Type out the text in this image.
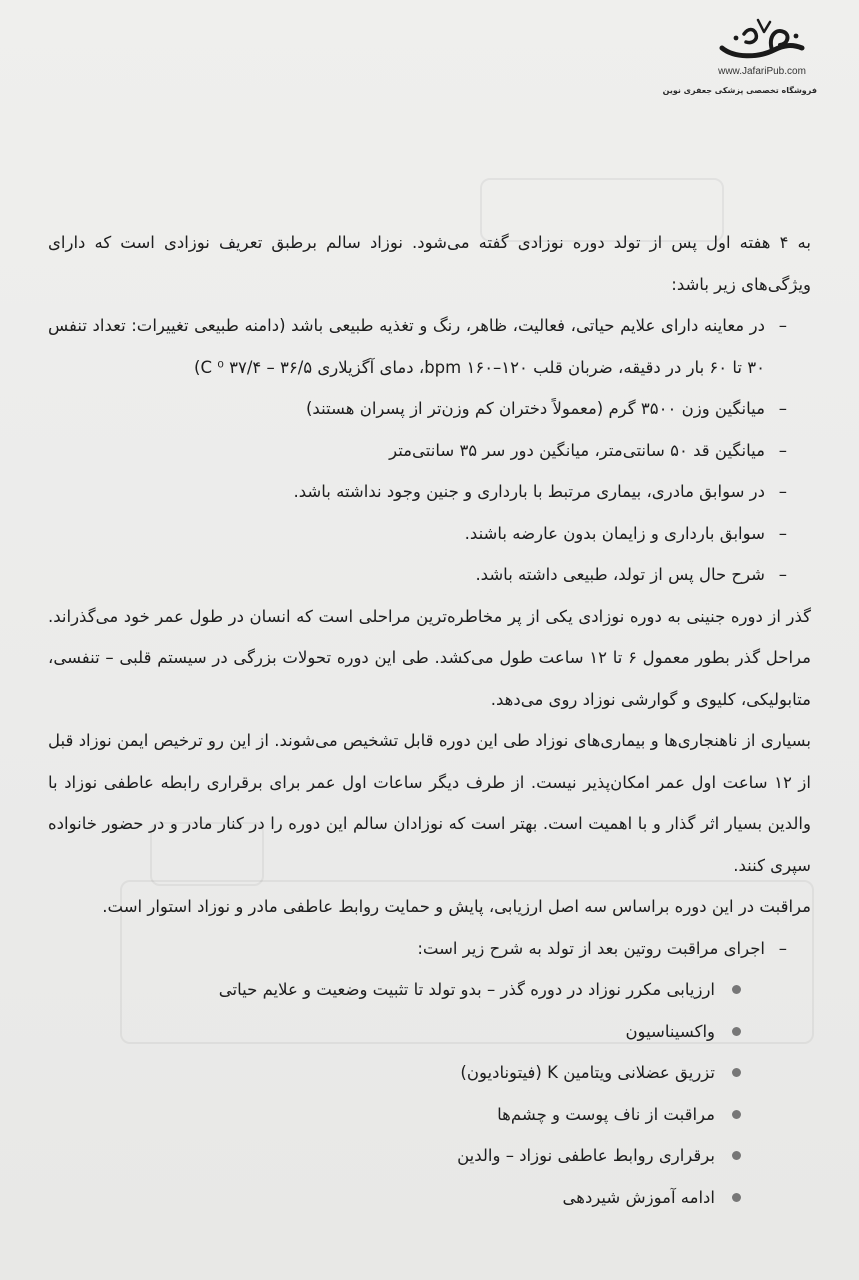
www.JafariPub.com
فروشگاه تخصصی پزشکی جعفری نوین

به ۴ هفته اول پس از تولد دوره نوزادی گفته می‌شود. نوزاد سالم برطبق تعریف نوزادی است که دارای ویژگی‌های زیر باشد:

–
در معاینه دارای علایم حیاتی، فعالیت، ظاهر، رنگ و تغذیه طبیعی باشد (دامنه طبیعی تغییرات: تعداد تنفس ۳۰ تا ۶۰ بار در دقیقه، ضربان قلب bpm ۱۶۰–۱۲۰، دمای آگزیلاری C ⁰ ۳۷/۴ – ۳۶/۵)
–
میانگین وزن ۳۵۰۰ گرم (معمولاً دختران کم وزن‌تر از پسران هستند)
–
میانگین قد ۵۰ سانتی‌متر، میانگین دور سر ۳۵ سانتی‌متر
–
در سوابق مادری، بیماری مرتبط با بارداری و جنین وجود نداشته باشد.
–
سوابق بارداری و زایمان بدون عارضه باشند.
–
شرح حال پس از تولد، طبیعی داشته باشد.

گذر از دوره جنینی به دوره نوزادی یکی از پر مخاطره‌ترین مراحلی است که انسان در طول عمر خود می‌گذراند. مراحل گذر بطور معمول ۶ تا ۱۲ ساعت طول می‌کشد. طی این دوره تحولات بزرگی در سیستم قلبی – تنفسی، متابولیکی، کلیوی و گوارشی نوزاد روی می‌دهد.

بسیاری از ناهنجاری‌ها و بیماری‌های نوزاد طی این دوره قابل تشخیص می‌شوند. از این رو ترخیص ایمن نوزاد قبل از ۱۲ ساعت اول عمر امکان‌پذیر نیست. از طرف دیگر ساعات اول عمر برای برقراری رابطه عاطفی نوزاد با والدین بسیار اثر گذار و با اهمیت است. بهتر است که نوزادان سالم این دوره را در کنار مادر و در حضور خانواده سپری کنند.

مراقبت در این دوره براساس سه اصل ارزیابی، پایش و حمایت روابط عاطفی مادر و نوزاد استوار است.

–
اجرای مراقبت روتین بعد از تولد به شرح زیر است:
ارزیابی مکرر نوزاد در دوره گذر – بدو تولد تا تثبیت وضعیت و علایم حیاتی
واکسیناسیون
تزریق عضلانی ویتامین K (فیتونادیون)
مراقبت از ناف پوست و چشم‌ها
برقراری روابط عاطفی نوزاد – والدین
ادامه آموزش شیردهی
